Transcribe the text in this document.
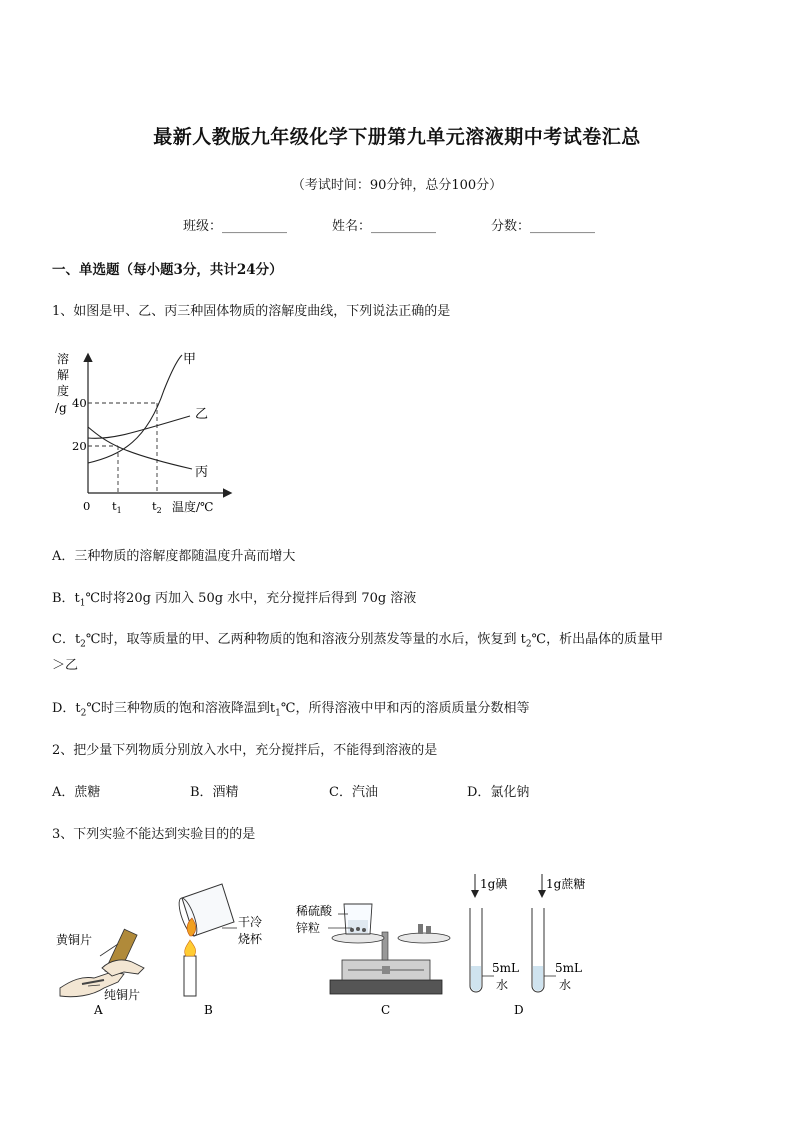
最新人教版九年级化学下册第九单元溶液期中考试卷汇总
（考试时间：90分钟，总分100分）
班级：__________	姓名：__________	分数：__________
一、单选题（每小题3分，共计24分）
1、如图是甲、乙、丙三种固体物质的溶解度曲线，下列说法正确的是
溶
解
度
/g 40
20
0 $t_1$	$t_2$ 温度/℃
甲
乙
丙
A．三种物质的溶解度都随温度升高而增大
B．$t_1℃$时将20g 丙加入 50g 水中，充分搅拌后得到 70g 溶液
C．$t_2℃$时，取等质量的甲、乙两种物质的饱和溶液分别蒸发等量的水后，恢复到 $t_2℃$，析出晶体的质量甲
＞乙
D．$t_2℃$时三种物质的饱和溶液降温到$t_1℃$，所得溶液中甲和丙的溶质质量分数相等
2、把少量下列物质分别放入水中，充分搅拌后，不能得到溶液的是
A．蔗糖	B．酒精	C．汽油	D．氯化钠
3、下列实验不能达到实验目的的是
黄铜片
纯铜片
A
干冷
烧杯
B
稀硫酸
锌粒
C
1g碘	1g蔗糖
5mL
水
5mL
水
D
